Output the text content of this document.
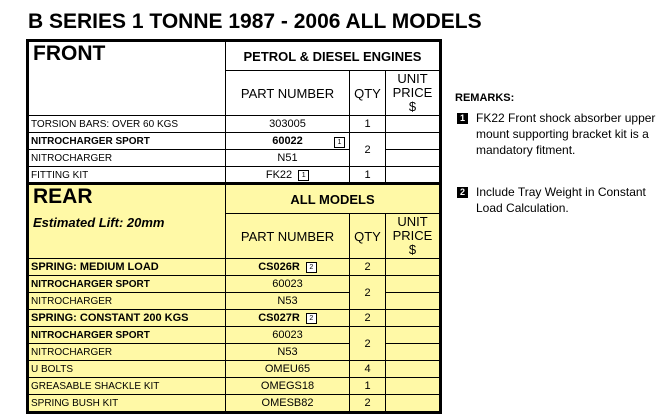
B SERIES 1 TONNE 1987 - 2006 ALL MODELS
FRONT	PETROL & DIESEL ENGINES		
	PART NUMBER	QTY	UNIT PRICE $
TORSION BARS: OVER 60 KGS	303005	1	
NITROCHARGER SPORT	60022	2	
NITROCHARGER	N51		
FITTING KIT	FK22 1	1	
1
REAR
Estimated Lift: 20mm	ALL MODELS		
	PART NUMBER	QTY	UNIT PRICE $
SPRING: MEDIUM LOAD	CS026R 2	2	
NITROCHARGER SPORT	60023	2	
NITROCHARGER	N53		
SPRING: CONSTANT 200 KGS	CS027R 2	2	
NITROCHARGER SPORT	60023	2	
NITROCHARGER	N53		
U BOLTS	OMEU65	4	
GREASABLE SHACKLE KIT	OMEGS18	1	
SPRING BUSH KIT	OMESB82	2	
REMARKS:
1 FK22 Front shock absorber upper mount supporting bracket kit is a mandatory fitment.
2 Include Tray Weight in Constant Load Calculation.
